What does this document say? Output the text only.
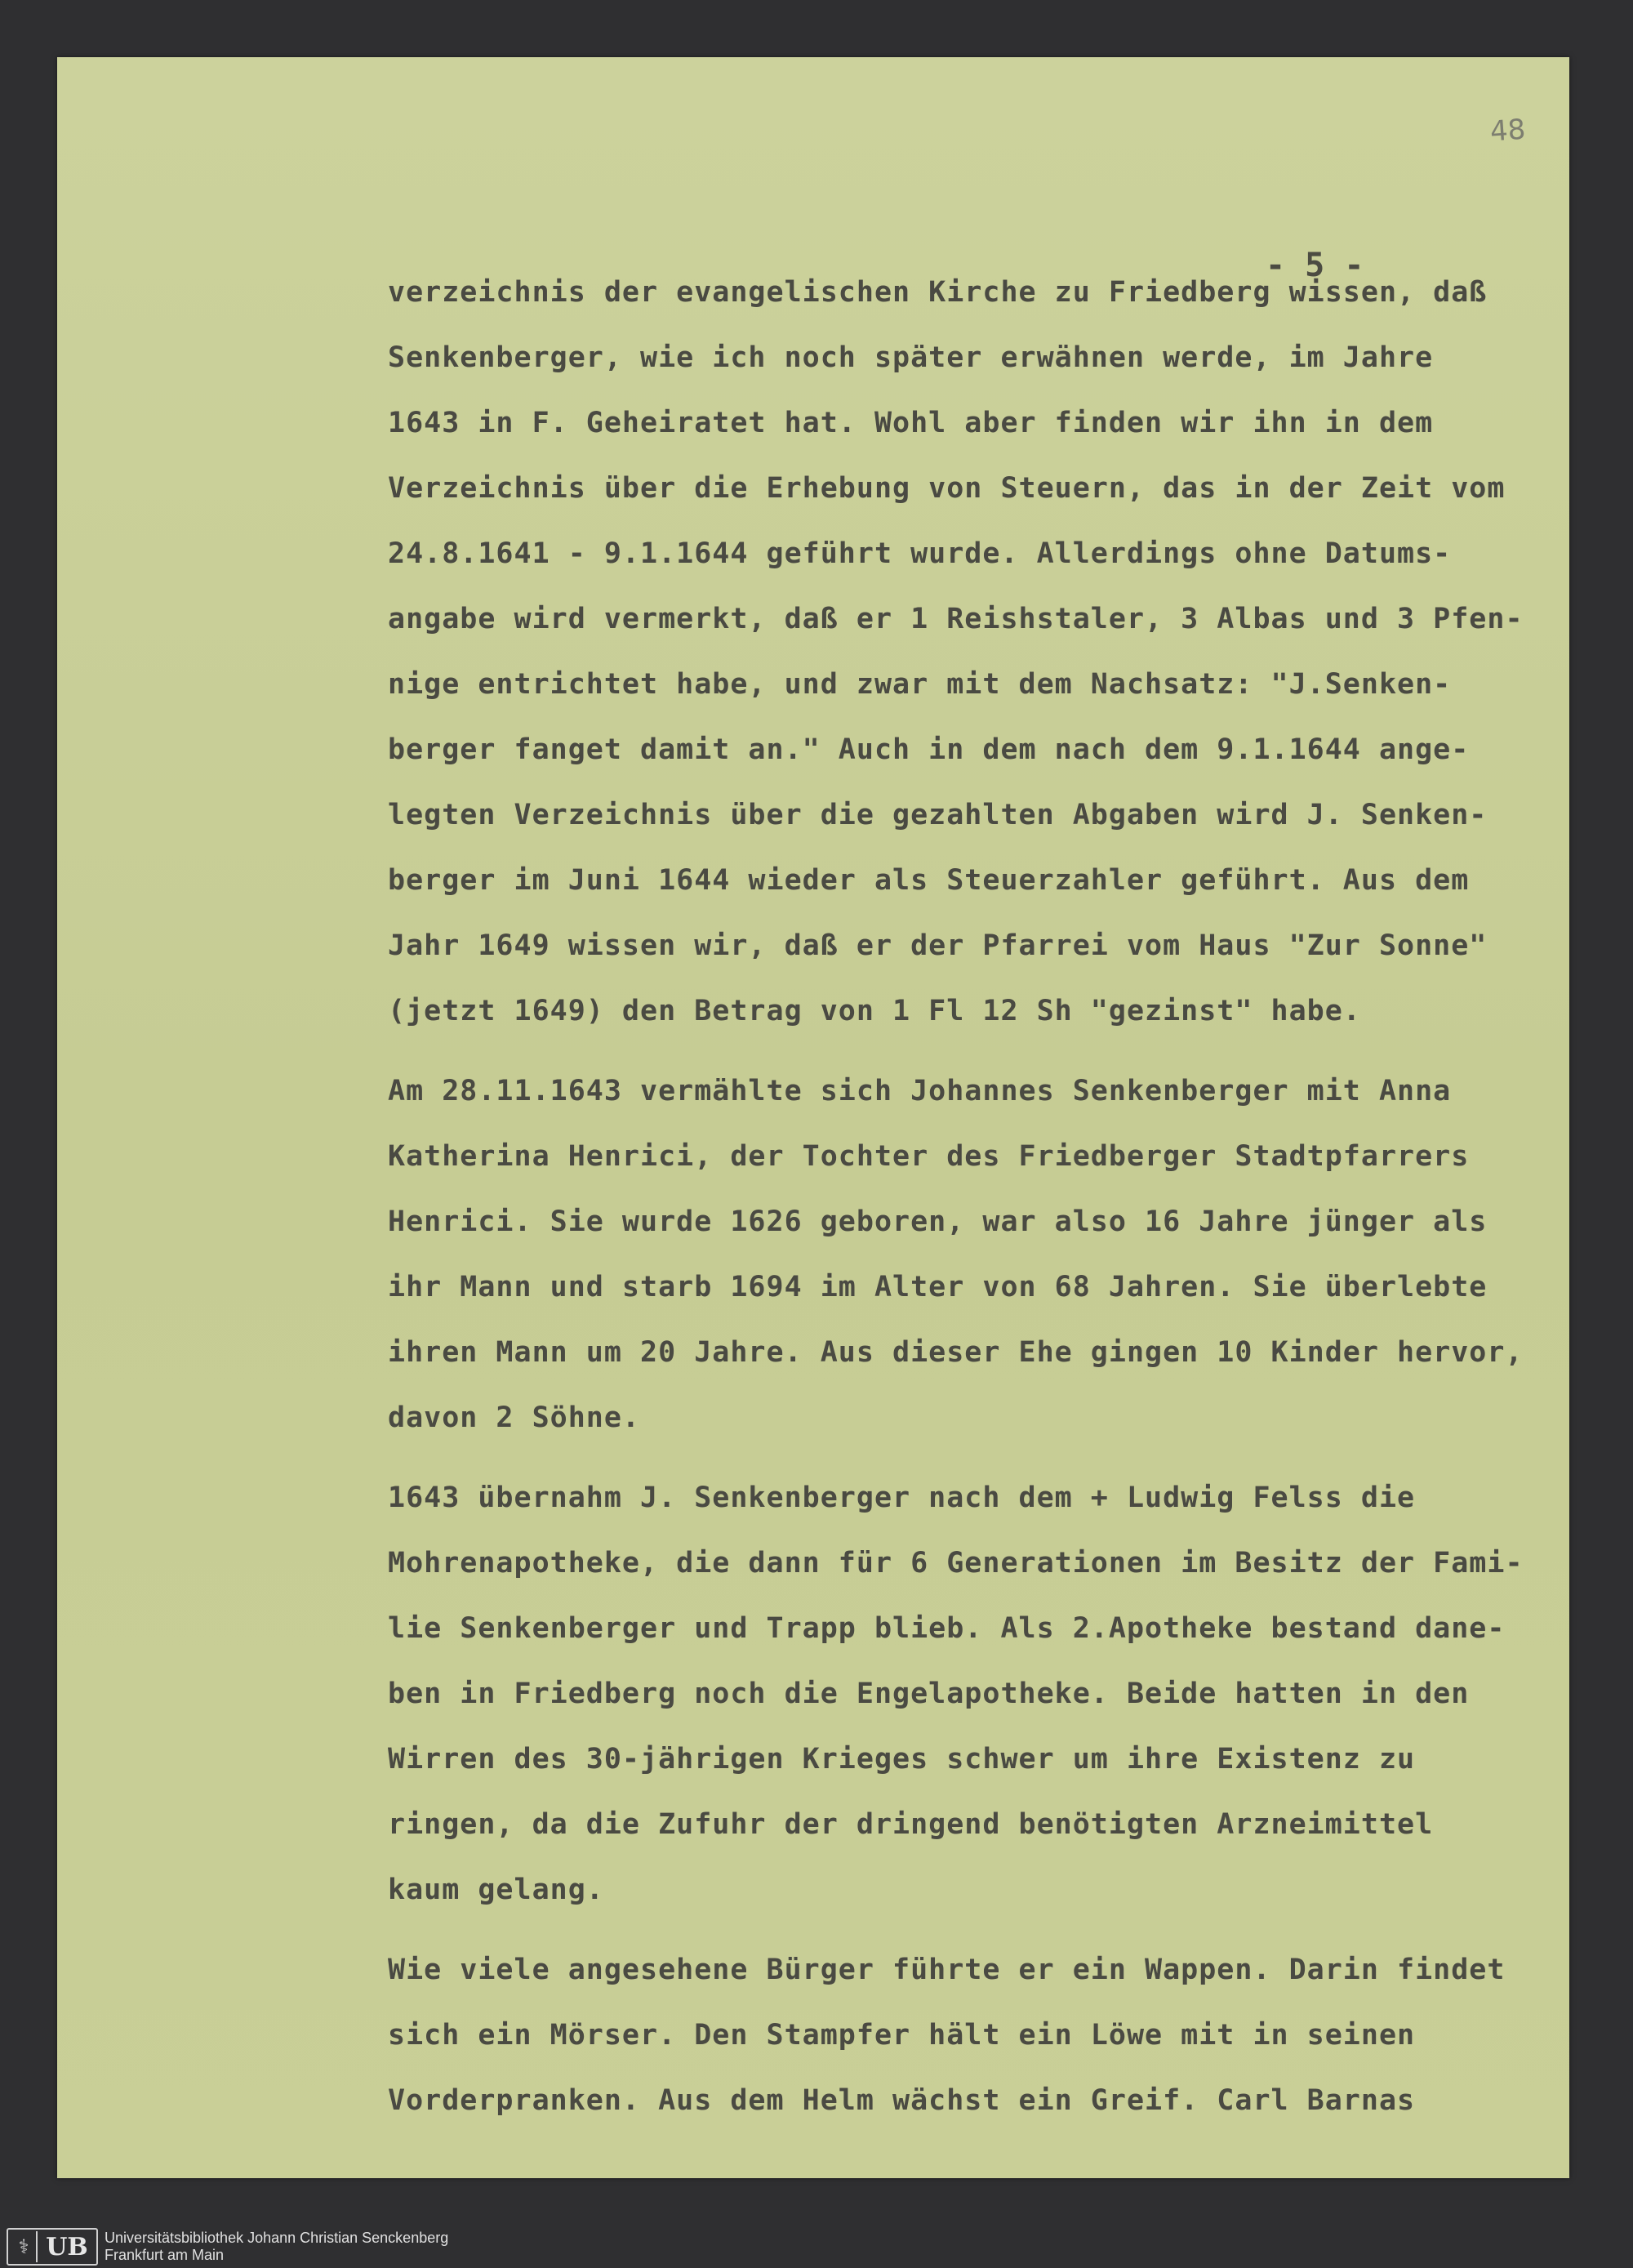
48
- 5 -
verzeichnis der evangelischen Kirche zu Friedberg wissen, daß
Senkenberger, wie ich noch später erwähnen werde, im Jahre
1643 in F. Geheiratet hat. Wohl aber finden wir ihn in dem
Verzeichnis über die Erhebung von Steuern, das in der Zeit vom
24.8.1641 - 9.1.1644 geführt wurde. Allerdings ohne Datums-
angabe wird vermerkt, daß er 1 Reishstaler, 3 Albas und 3 Pfen-
nige entrichtet habe, und zwar mit dem Nachsatz: "J.Senken-
berger fanget damit an." Auch in dem nach dem 9.1.1644 ange-
legten Verzeichnis über die gezahlten Abgaben wird J. Senken-
berger im Juni 1644 wieder als Steuerzahler geführt. Aus dem
Jahr 1649 wissen wir, daß er der Pfarrei vom Haus "Zur Sonne"
(jetzt 1649) den Betrag von 1 Fl 12 Sh "gezinst" habe.
Am 28.11.1643 vermählte sich Johannes Senkenberger mit Anna
Katherina Henrici, der Tochter des Friedberger Stadtpfarrers
Henrici. Sie wurde 1626 geboren, war also 16 Jahre jünger als
ihr Mann und starb 1694 im Alter von 68 Jahren. Sie überlebte
ihren Mann um 20 Jahre. Aus dieser Ehe gingen 10 Kinder hervor,
davon 2 Söhne.
1643 übernahm J. Senkenberger nach dem + Ludwig Felss die
Mohrenapotheke, die dann für 6 Generationen im Besitz der Fami-
lie Senkenberger und Trapp blieb. Als 2.Apotheke bestand dane-
ben in Friedberg noch die Engelapotheke. Beide hatten in den
Wirren des 30-jährigen Krieges schwer um ihre Existenz zu
ringen, da die Zufuhr der dringend benötigten Arzneimittel
kaum gelang.
Wie viele angesehene Bürger führte er ein Wappen. Darin findet
sich ein Mörser. Den Stampfer hält ein Löwe mit in seinen
Vorderpranken. Aus dem Helm wächst ein Greif. Carl Barnas
⚕ UB	Universitätsbibliothek Johann Christian Senckenberg
Frankfurt am Main
